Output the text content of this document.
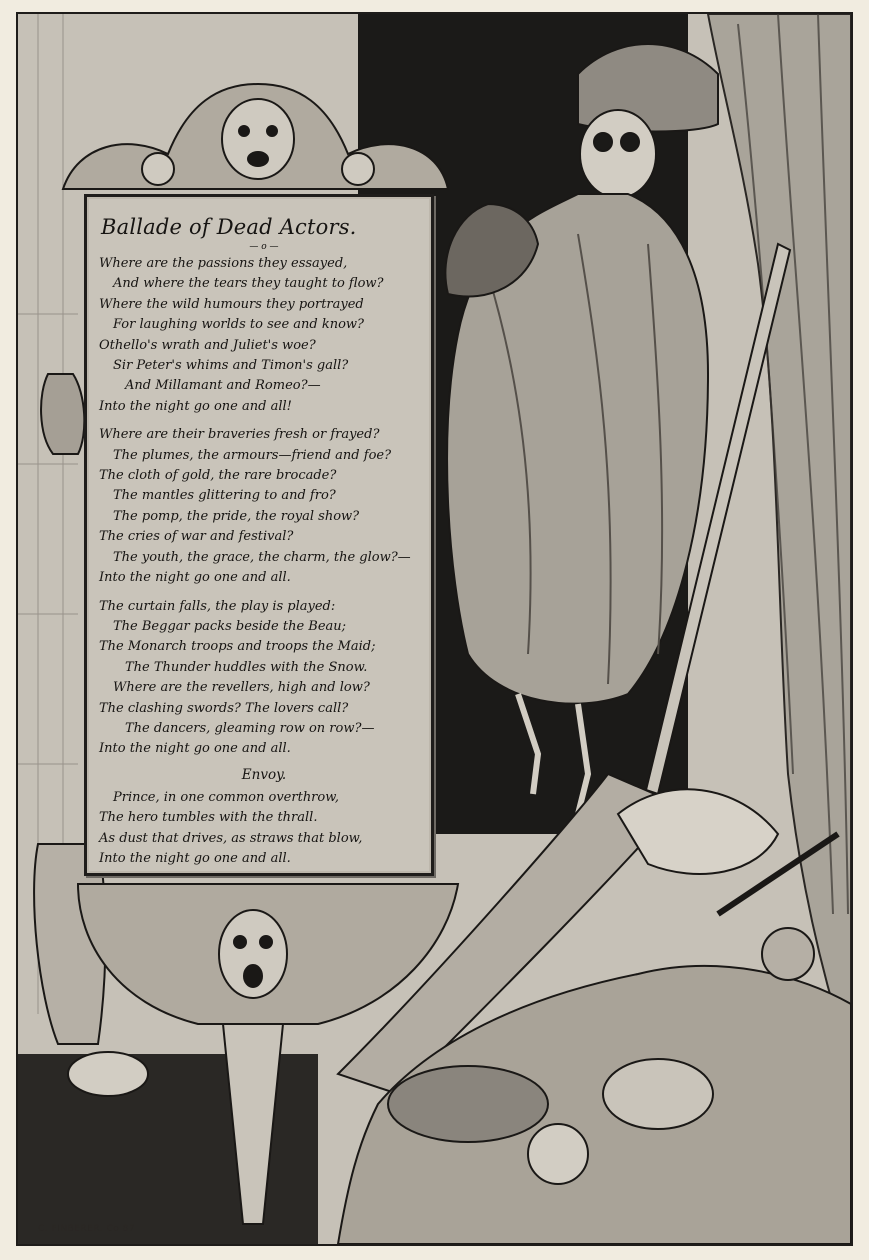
Ballade of Dead Actors.
— o —
Where are the passions they essayed,
And where the tears they taught to flow?
Where the wild humours they portrayed
For laughing worlds to see and know?
Othello's wrath and Juliet's woe?
Sir Peter's whims and Timon's gall?
And Millamant and Romeo?—
Into the night go one and all!
Where are their braveries fresh or frayed?
The plumes, the armours—friend and foe?
The cloth of gold, the rare brocade?
The mantles glittering to and fro?
The pomp, the pride, the royal show?
The cries of war and festival?
The youth, the grace, the charm, the glow?—
Into the night go one and all.
The curtain falls, the play is played:
The Beggar packs beside the Beau;
The Monarch troops and troops the Maid;
The Thunder huddles with the Snow.
Where are the revellers, high and low?
The clashing swords? The lovers call?
The dancers, gleaming row on row?—
Into the night go one and all.
Envoy.
Prince, in one common overthrow,
The hero tumbles with the thrall.
As dust that drives, as straws that blow,
Into the night go one and all.
C. FINBERER. Co 87
